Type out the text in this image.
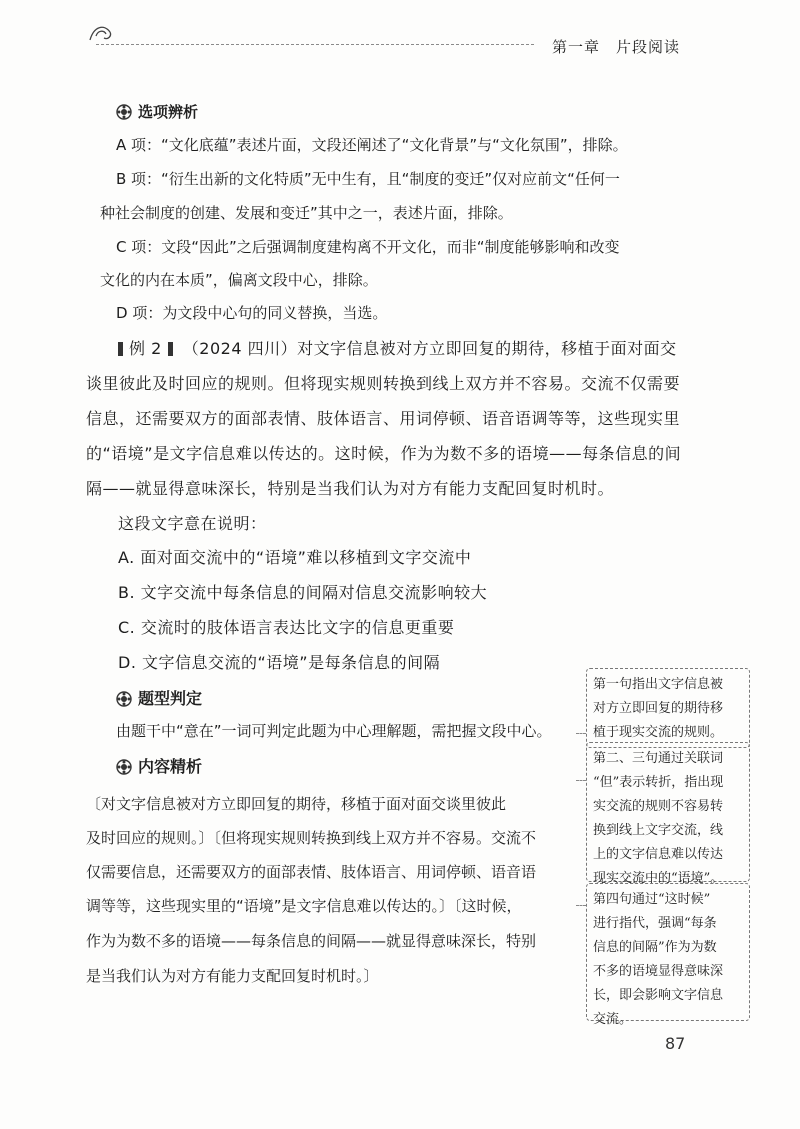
第一章　片段阅读
选项辨析
A 项：“文化底蕴”表述片面，文段还阐述了“文化背景”与“文化氛围”，排除。
B 项：“衍生出新的文化特质”无中生有，且“制度的变迁”仅对应前文“任何一
种社会制度的创建、发展和变迁”其中之一，表述片面，排除。
C 项：文段“因此”之后强调制度建构离不开文化，而非“制度能够影响和改变
文化的内在本质”，偏离文段中心，排除。
D 项：为文段中心句的同义替换，当选。
例 2 （2024 四川）对文字信息被对方立即回复的期待，移植于面对面交
谈里彼此及时回应的规则。但将现实规则转换到线上双方并不容易。交流不仅需要
信息，还需要双方的面部表情、肢体语言、用词停顿、语音语调等等，这些现实里
的“语境”是文字信息难以传达的。这时候，作为为数不多的语境——每条信息的间
隔——就显得意味深长，特别是当我们认为对方有能力支配回复时机时。
这段文字意在说明：
A. 面对面交流中的“语境”难以移植到文字交流中
B. 文字交流中每条信息的间隔对信息交流影响较大
C. 交流时的肢体语言表达比文字的信息更重要
D. 文字信息交流的“语境”是每条信息的间隔
题型判定
由题干中“意在”一词可判定此题为中心理解题，需把握文段中心。
内容精析
〔对文字信息被对方立即回复的期待，移植于面对面交谈里彼此
及时回应的规则。〕〔但将现实规则转换到线上双方并不容易。交流不
仅需要信息，还需要双方的面部表情、肢体语言、用词停顿、语音语
调等等，这些现实里的“语境”是文字信息难以传达的。〕〔这时候，
作为为数不多的语境——每条信息的间隔——就显得意味深长，特别
是当我们认为对方有能力支配回复时机时。〕
第一句指出文字信息被
对方立即回复的期待移
植于现实交流的规则。
第二、三句通过关联词
“但”表示转折，指出现
实交流的规则不容易转
换到线上文字交流，线
上的文字信息难以传达
现实交流中的“语境”。
第四句通过“这时候”
进行指代，强调“每条
信息的间隔”作为为数
不多的语境显得意味深
长，即会影响文字信息
交流。
87
